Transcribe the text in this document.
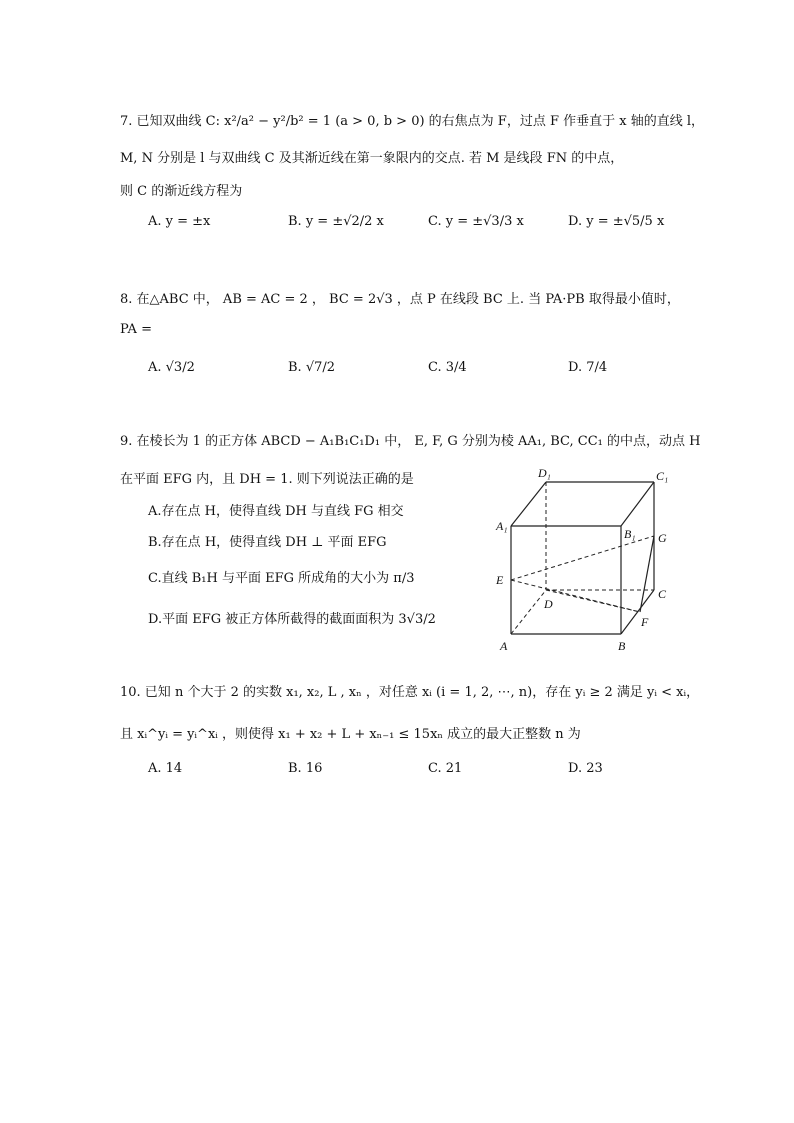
7. 已知双曲线 C: x²/a² − y²/b² = 1 (a > 0, b > 0) 的右焦点为 F，过点 F 作垂直于 x 轴的直线 l，
M, N 分别是 l 与双曲线 C 及其渐近线在第一象限内的交点. 若 M 是线段 FN 的中点，
则 C 的渐近线方程为
A. y = ±x	B. y = ±√2/2 x	C. y = ±√3/3 x	D. y = ±√5/5 x
8. 在△ABC 中， AB = AC = 2 ， BC = 2√3 ，点 P 在线段 BC 上. 当 PA·PB 取得最小值时，
PA =
A. √3/2	B. √7/2	C. 3/4	D. 7/4
9. 在棱长为 1 的正方体 ABCD − A₁B₁C₁D₁ 中， E, F, G 分别为棱 AA₁, BC, CC₁ 的中点，动点 H
在平面 EFG 内，且 DH = 1. 则下列说法正确的是
A.存在点 H，使得直线 DH 与直线 FG 相交
B.存在点 H，使得直线 DH ⊥ 平面 EFG
C.直线 B₁H 与平面 EFG 所成角的大小为 π/3
D.平面 EFG 被正方体所截得的截面面积为 3√3/2
D₁	C₁
A₁
B₁ G
E
D
C
F
A	B
10. 已知 n 个大于 2 的实数 x₁, x₂, L , xₙ ，对任意 xᵢ (i = 1, 2, ⋯, n)，存在 yᵢ ≥ 2 满足 yᵢ < xᵢ，
且 xᵢ^yᵢ = yᵢ^xᵢ ，则使得 x₁ + x₂ + L + xₙ₋₁ ≤ 15xₙ 成立的最大正整数 n 为
A. 14	B. 16	C. 21	D. 23
